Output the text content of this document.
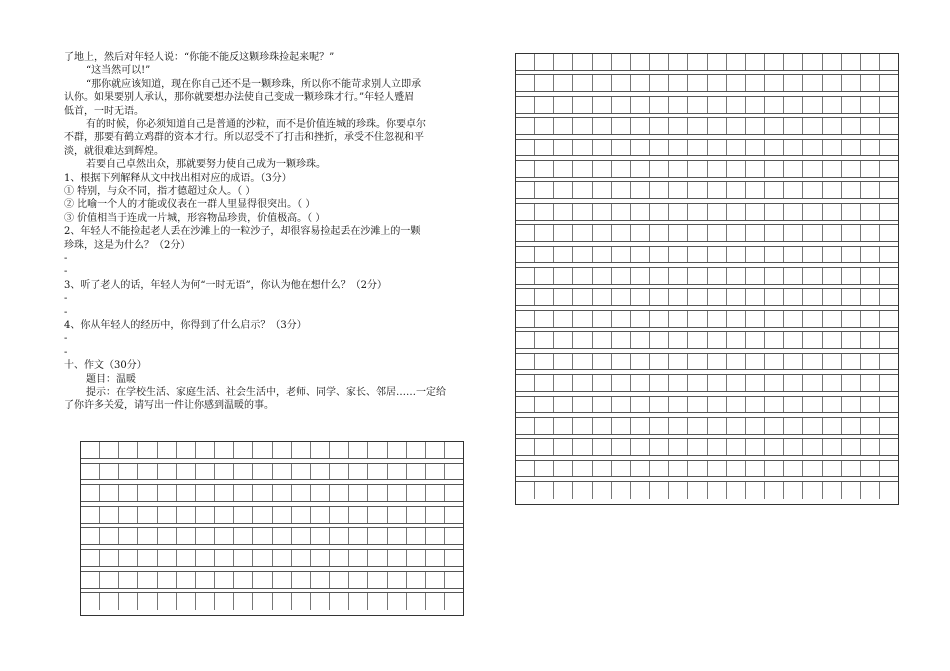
了地上，然后对年轻人说：“你能不能反这颗珍珠捡起来呢？”

“这当然可以!”

“那你就应该知道，现在你自己还不是一颗珍珠，所以你不能苛求别人立即承

认你。如果要别人承认，那你就要想办法使自己变成一颗珍珠才行。”年轻人蹙眉

低首，一时无语。

有的时候，你必须知道自己是普通的沙粒，而不是价值连城的珍珠。你要卓尔

不群，那要有鹤立鸡群的资本才行。所以忍受不了打击和挫折，承受不住忽视和平

淡，就很难达到辉煌。

若要自己卓然出众，那就要努力使自己成为一颗珍珠。

1、根据下列解释从文中找出相对应的成语。（3分）

① 特别，与众不同，指才德超过众人。（ ）

② 比喻一个人的才能或仪表在一群人里显得很突出。（ ）

③ 价值相当于连成一片城，形容物品珍贵，价值极高。（ ）

2、年轻人不能捡起老人丢在沙滩上的一粒沙子，却很容易捡起丢在沙滩上的一颗

珍珠，这是为什么？（2分）

-

-

3、听了老人的话，年轻人为何“一时无语”，你认为他在想什么？（2分）

-

-

4、你从年轻人的经历中，你得到了什么启示？（3分）

-

-

十、作文（30分）

题目：温暖

提示：在学校生活、家庭生活、社会生活中，老师、同学、家长、邻居……一定给

了你许多关爱，请写出一件让你感到温暖的事。
